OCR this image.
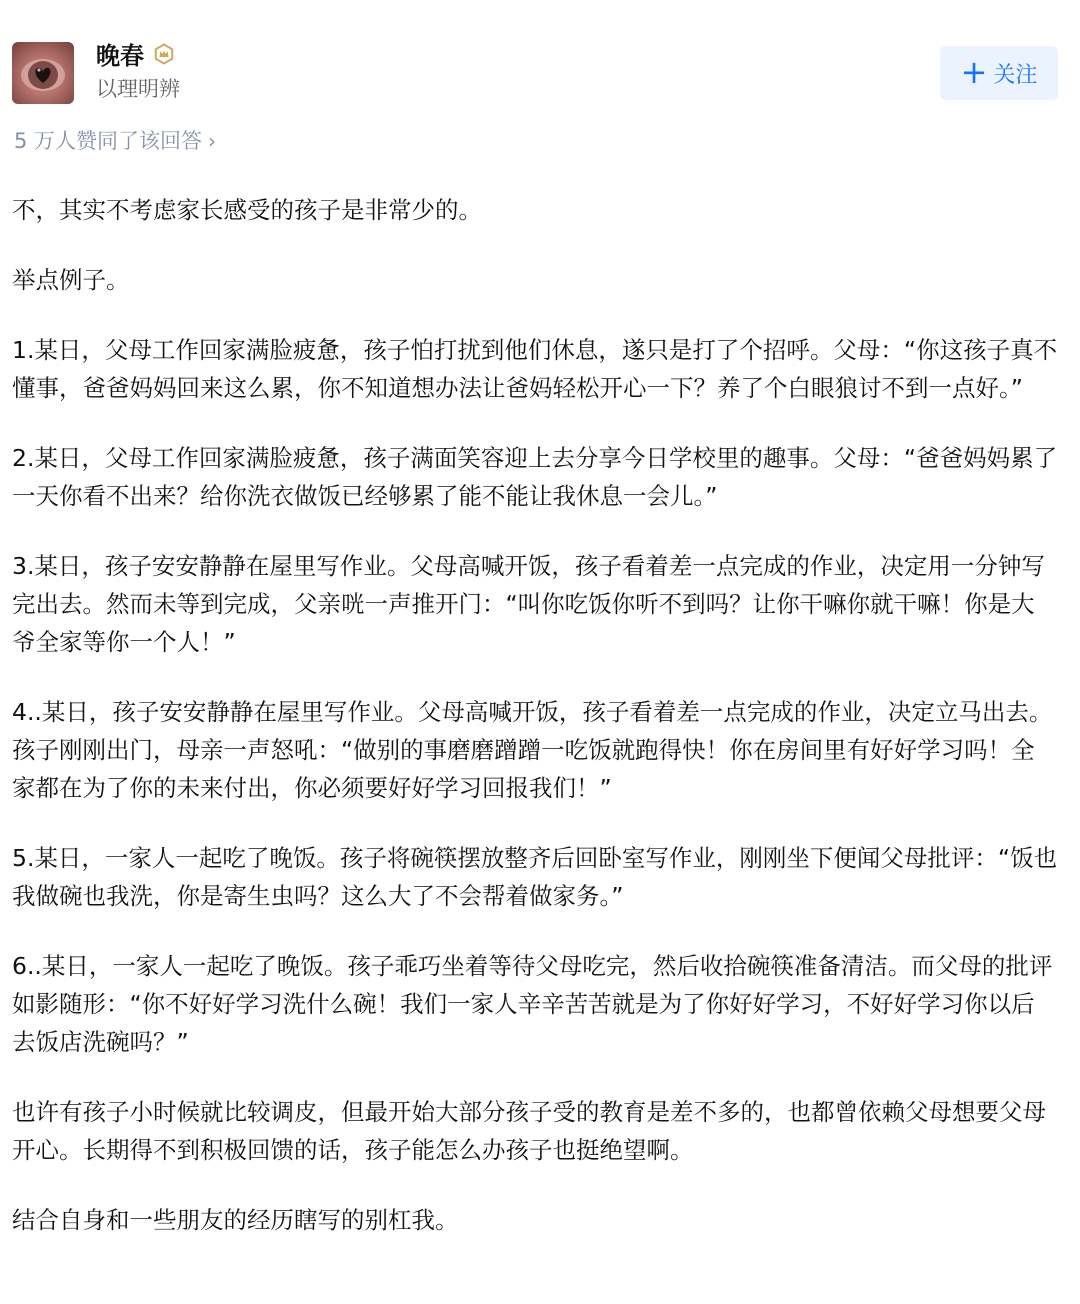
晚春
以理明辨	+ 关注
5 万人赞同了该回答 ›

不，其实不考虑家长感受的孩子是非常少的。

举点例子。

1.某日，父母工作回家满脸疲惫，孩子怕打扰到他们休息，遂只是打了个招呼。父母：“你这孩子真不懂事，爸爸妈妈回来这么累，你不知道想办法让爸妈轻松开心一下？养了个白眼狼讨不到一点好。”

2.某日，父母工作回家满脸疲惫，孩子满面笑容迎上去分享今日学校里的趣事。父母：“爸爸妈妈累了一天你看不出来？给你洗衣做饭已经够累了能不能让我休息一会儿。”

3.某日，孩子安安静静在屋里写作业。父母高喊开饭，孩子看着差一点完成的作业，决定用一分钟写完出去。然而未等到完成，父亲咣一声推开门：“叫你吃饭你听不到吗？让你干嘛你就干嘛！你是大爷全家等你一个人！”

4..某日，孩子安安静静在屋里写作业。父母高喊开饭，孩子看着差一点完成的作业，决定立马出去。孩子刚刚出门，母亲一声怒吼：“做别的事磨磨蹭蹭一吃饭就跑得快！你在房间里有好好学习吗！全家都在为了你的未来付出，你必须要好好学习回报我们！”

5.某日，一家人一起吃了晚饭。孩子将碗筷摆放整齐后回卧室写作业，刚刚坐下便闻父母批评：“饭也我做碗也我洗，你是寄生虫吗？这么大了不会帮着做家务。”

6..某日，一家人一起吃了晚饭。孩子乖巧坐着等待父母吃完，然后收拾碗筷准备清洁。而父母的批评如影随形：“你不好好学习洗什么碗！我们一家人辛辛苦苦就是为了你好好学习，不好好学习你以后去饭店洗碗吗？”

也许有孩子小时候就比较调皮，但最开始大部分孩子受的教育是差不多的，也都曾依赖父母想要父母开心。长期得不到积极回馈的话，孩子能怎么办孩子也挺绝望啊。

结合自身和一些朋友的经历瞎写的别杠我。
